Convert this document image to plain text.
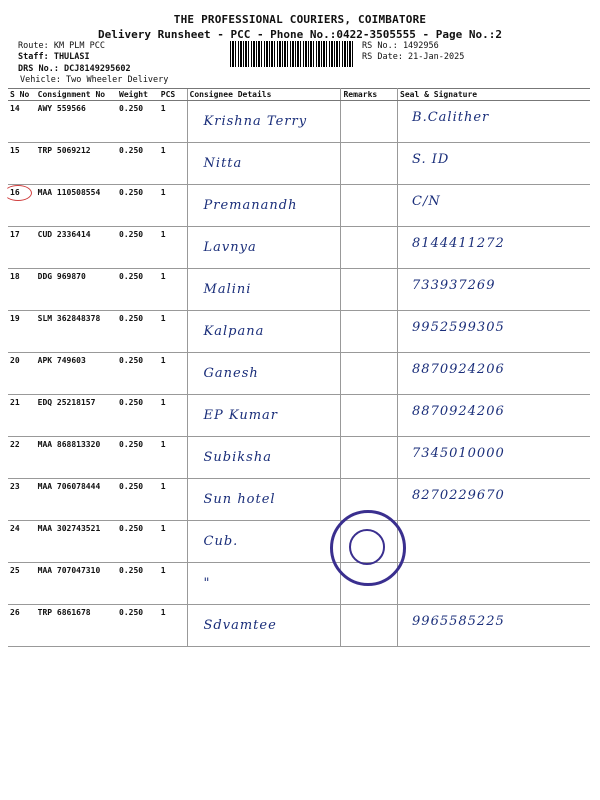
THE PROFESSIONAL COURIERS, COIMBATORE
Delivery Runsheet - PCC - Phone No.:0422-3505555 - Page No.:2
Route: KM PLM PCC
Staff: THULASI
DRS No.: DCJ8149295602
Vehicle: Two Wheeler Delivery
RS No.: 1492956
RS Date: 21-Jan-2025
S No	Consignment No	Weight	PCS	Consignee Details	Remarks	Seal & Signature
14	AWY 559566	0.250	1	Krishna Terry		B.Calither
15	TRP 5069212	0.250	1	Nitta		S. ID
16	MAA 110508554	0.250	1	Premanandh		C/N
17	CUD 2336414	0.250	1	Lavnya		8144411272
18	DDG 969870	0.250	1	Malini		733937269
19	SLM 362848378	0.250	1	Kalpana		9952599305
20	APK 749603	0.250	1	Ganesh		8870924206
21	EDQ 25218157	0.250	1	EP Kumar		8870924206
22	MAA 868813320	0.250	1	Subiksha		7345010000
23	MAA 706078444	0.250	1	Sun hotel		8270229670
24	MAA 302743521	0.250	1	Cub.		
25	MAA 707047310	0.250	1	"		
26	TRP 6861678	0.250	1	Sdvamtee		9965585225
